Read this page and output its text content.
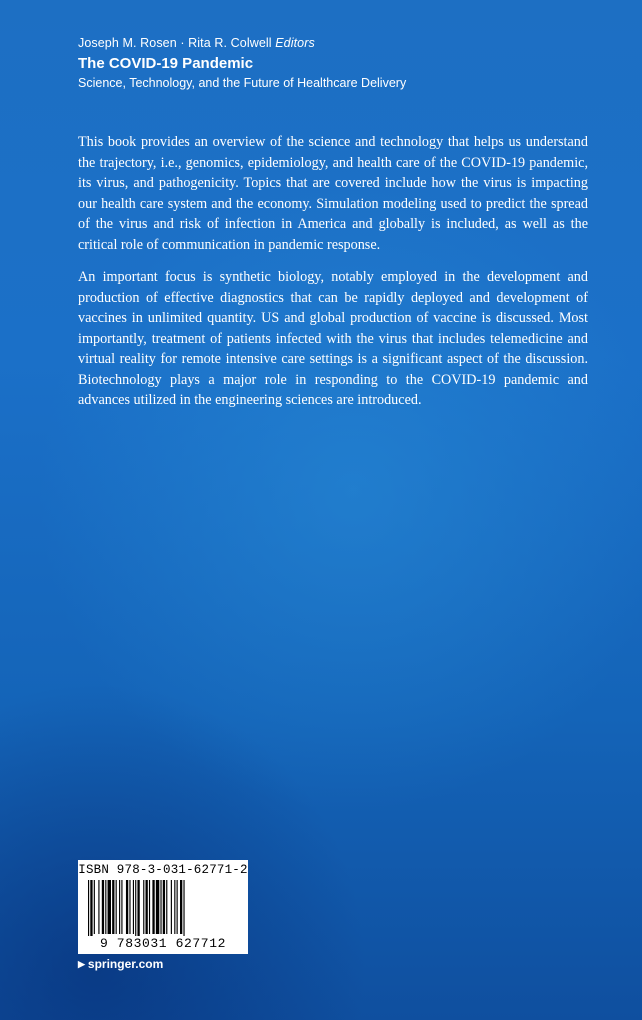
Joseph M. Rosen · Rita R. Colwell Editors
The COVID-19 Pandemic
Science, Technology, and the Future of Healthcare Delivery

This book provides an overview of the science and technology that helps us understand the trajectory, i.e., genomics, epidemiology, and health care of the COVID-19 pandemic, its virus, and pathogenicity. Topics that are covered include how the virus is impacting our health care system and the economy. Simulation modeling used to predict the spread of the virus and risk of infection in America and globally is included, as well as the critical role of communication in pandemic response.

An important focus is synthetic biology, notably employed in the development and production of effective diagnostics that can be rapidly deployed and development of vaccines in unlimited quantity. US and global production of vaccine is discussed. Most importantly, treatment of patients infected with the virus that includes telemedicine and virtual reality for remote intensive care settings is a significant aspect of the discussion. Biotechnology plays a major role in responding to the COVID-19 pandemic and advances utilized in the engineering sciences are introduced.

ISBN 978-3-031-62771-2
9 783031 627712
▶ springer.com
